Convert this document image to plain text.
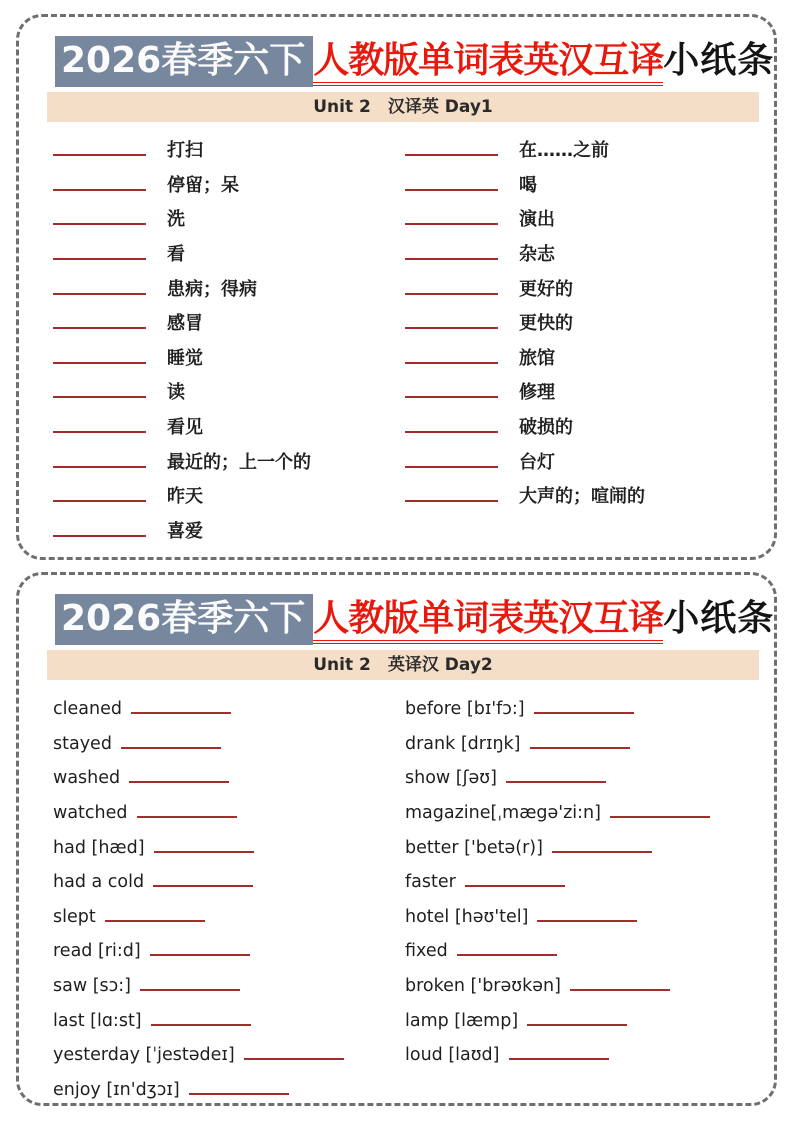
2026春季六下 人教版单词表英汉互译小纸条
Unit 2　汉译英 Day1
打扫
停留；呆
洗
看
患病；得病
感冒
睡觉
读
看见
最近的；上一个的
昨天
喜爱
在……之前
喝
演出
杂志
更好的
更快的
旅馆
修理
破损的
台灯
大声的；喧闹的
2026春季六下 人教版单词表英汉互译小纸条
Unit 2　英译汉 Day2
cleaned
stayed
washed
watched
had [hæd]
had a cold
slept
read [ri:d]
saw [sɔ:]
last [lɑ:st]
yesterday [ˈjestədeɪ]
enjoy [ɪn'dʒɔɪ]
before [bɪ'fɔ:]
drank [drɪŋk]
show [ʃəʊ]
magazine[ˌmægə'zi:n]
better ['betə(r)]
faster
hotel [həʊ'tel]
fixed
broken ['brəʊkən]
lamp [læmp]
loud [laʊd]
